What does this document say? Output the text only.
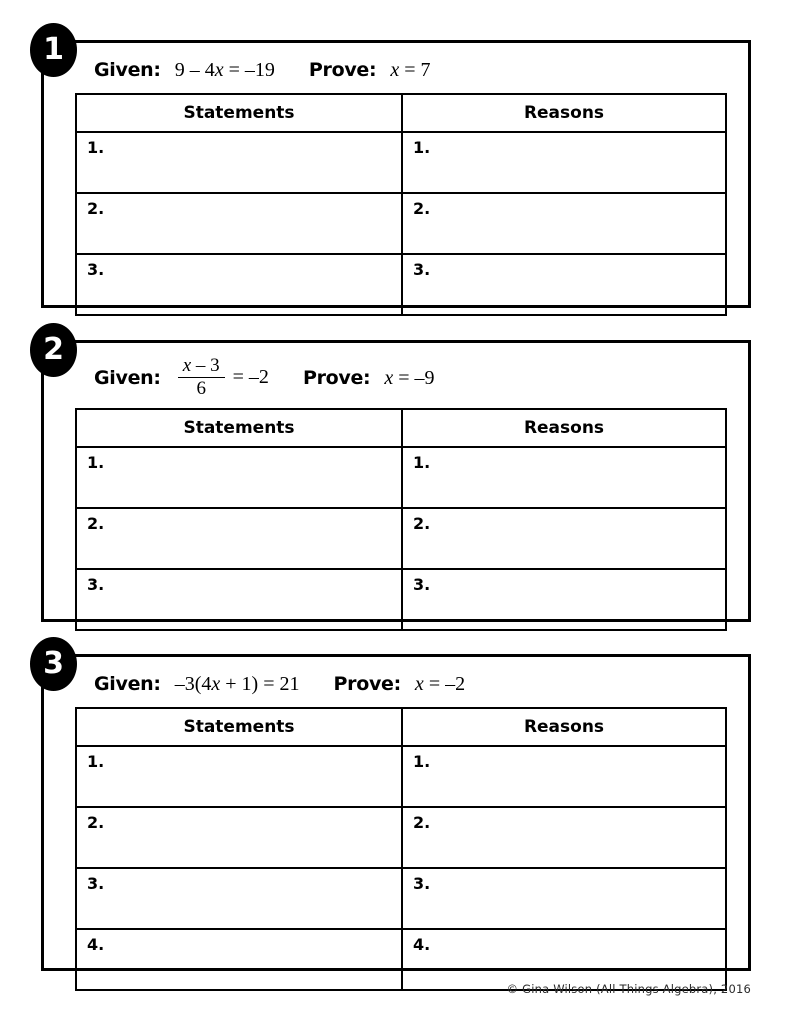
1
Given: 9 – 4x = –19 Prove: x = 7
Statements	Reasons
1.	1.
2.	2.
3.	3.
2
Given: $\frac{x - 3}{6} = -2$ Prove: x = –9
Statements	Reasons
1.	1.
2.	2.
3.	3.
3
Given: –3(4x + 1) = 21 Prove: x = –2
Statements	Reasons
1.	1.
2.	2.
3.	3.
4.	4.
© Gina Wilson (All Things Algebra), 2016
